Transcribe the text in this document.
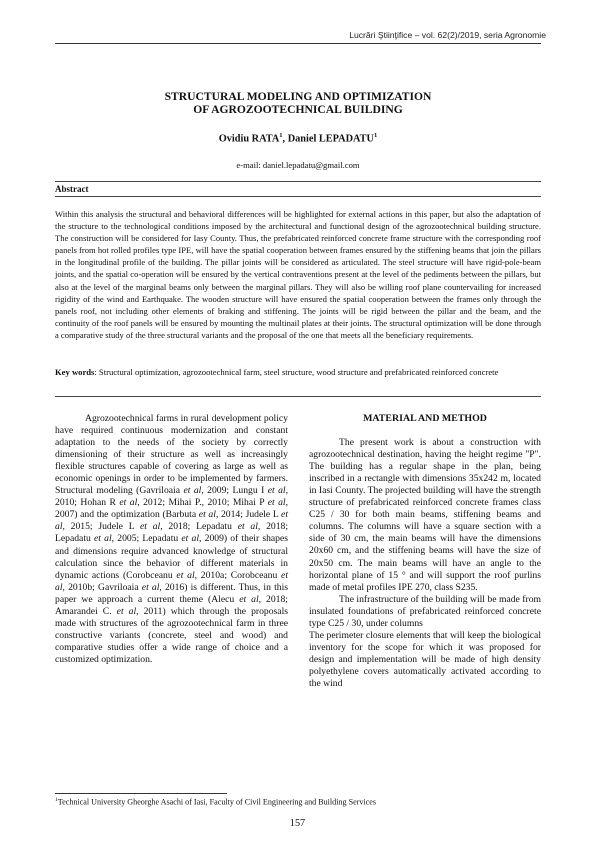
Lucrări Ştiinţifice – vol. 62(2)/2019, seria Agronomie
STRUCTURAL MODELING AND OPTIMIZATION
OF AGROZOOTECHNICAL BUILDING
Ovidiu RATA$^1$, Daniel LEPADATU$^1$
e-mail: daniel.lepadatu@gmail.com
Abstract
Within this analysis the structural and behavioral differences will be highlighted for external actions in this paper, but also the adaptation of the structure to the technological conditions imposed by the architectural and functional design of the agrozootechnical building structure. The construction will be considered for Iasy County. Thus, the prefabricated reinforced concrete frame structure with the corresponding roof panels from hot rolled profiles type IPE, will have the spatial cooperation between frames ensured by the stiffening beams that join the pillars in the longitudinal profile of the building. The pillar joints will be considered as articulated. The steel structure will have rigid-pole-beam joints, and the spatial co-operation will be ensured by the vertical contraventions present at the level of the pediments between the pillars, but also at the level of the marginal beams only between the marginal pillars. They will also be willing roof plane countervailing for increased rigidity of the wind and Earthquake. The wooden structure will have ensured the spatial cooperation between the frames only through the panels roof, not including other elements of braking and stiffening. The joints will be rigid between the pillar and the beam, and the continuity of the roof panels will be ensured by mounting the multinail plates at their joints. The structural optimization will be done through a comparative study of the three structural variants and the proposal of the one that meets all the beneficiary requirements.
Key words: Structural optimization, agrozootechnical farm, steel structure, wood structure and prefabricated reinforced concrete

Agrozootechnical farms in rural development policy have required continuous modernization and constant adaptation to the needs of the society by correctly dimensioning of their structure as well as increasingly flexible structures capable of covering as large as well as economic openings in order to be implemented by farmers. Structural modeling (Gavrilоaia et al, 2009; Lungu I et al, 2010; Hohan R et al, 2012; Mihai P., 2010; Mihai P et al, 2007) and the optimization (Barbuta et al, 2014; Judele L et al, 2015; Judele L et al, 2018; Lepadatu et al, 2018; Lepadatu et al, 2005; Lepadatu et al, 2009) of their shapes and dimensions require advanced knowledge of structural calculation since the behavior of different materials in dynamic actions (Corobceanu et al, 2010a; Corobceanu et al, 2010b; Gavrilоaia et al, 2016) is different. Thus, in this paper we approach a current theme (Alecu et al, 2018; Amarandei C. et al, 2011) which through the proposals made with structures of the agrozootechnical farm in three constructive variants (concrete, steel and wood) and comparative studies offer a wide range of choice and a customized optimization.

MATERIAL AND METHOD

The present work is about a construction with agrozootechnical destination, having the height regime "P". The building has a regular shape in the plan, being inscribed in a rectangle with dimensions 35x242 m, located in Iasi County. The projected building will have the strength structure of prefabricated reinforced concrete frames class C25 / 30 for both main beams, stiffening beams and columns. The columns will have a square section with a side of 30 cm, the main beams will have the dimensions 20x60 cm, and the stiffening beams will have the size of 20x50 cm. The main beams will have an angle to the horizontal plane of 15 ° and will support the roof purlins made of metal profiles IPE 270, class S235.

The infrastructure of the building will be made from insulated foundations of prefabricated reinforced concrete type C25 / 30, under columns

The perimeter closure elements that will keep the biological inventory for the scope for which it was proposed for design and implementation will be made of high density polyethylene covers automatically activated according to the wind

$^1$Technical University Gheorghe Asachi of Iasi, Faculty of Civil Engineering and Building Services
157
